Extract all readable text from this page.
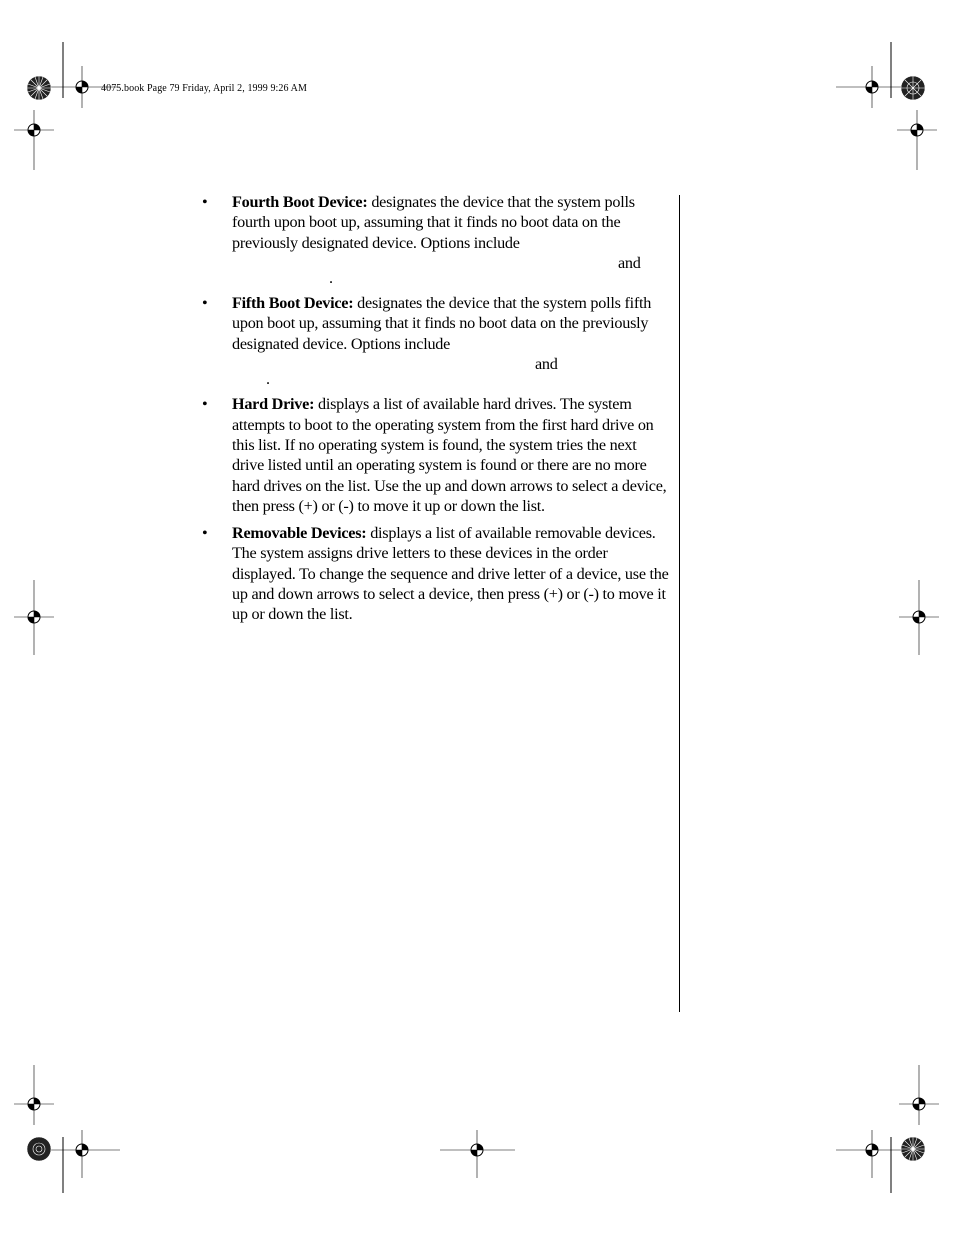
4075.book Page 79 Friday, April 2, 1999 9:26 AM
• Fourth Boot Device: designates the device that the system polls fourth upon boot up, assuming that it finds no boot data on the previously designated device. Options include
and
.
• Fifth Boot Device: designates the device that the system polls fifth upon boot up, assuming that it finds no boot data on the previously designated device. Options include
and
.
• Hard Drive: displays a list of available hard drives. The system attempts to boot to the operating system from the first hard drive on this list. If no operating system is found, the system tries the next drive listed until an operating system is found or there are no more hard drives on the list. Use the up and down arrows to select a device, then press (+) or (-) to move it up or down the list.
• Removable Devices: displays a list of available removable devices. The system assigns drive letters to these devices in the order displayed. To change the sequence and drive letter of a device, use the up and down arrows to select a device, then press (+) or (-) to move it up or down the list.
